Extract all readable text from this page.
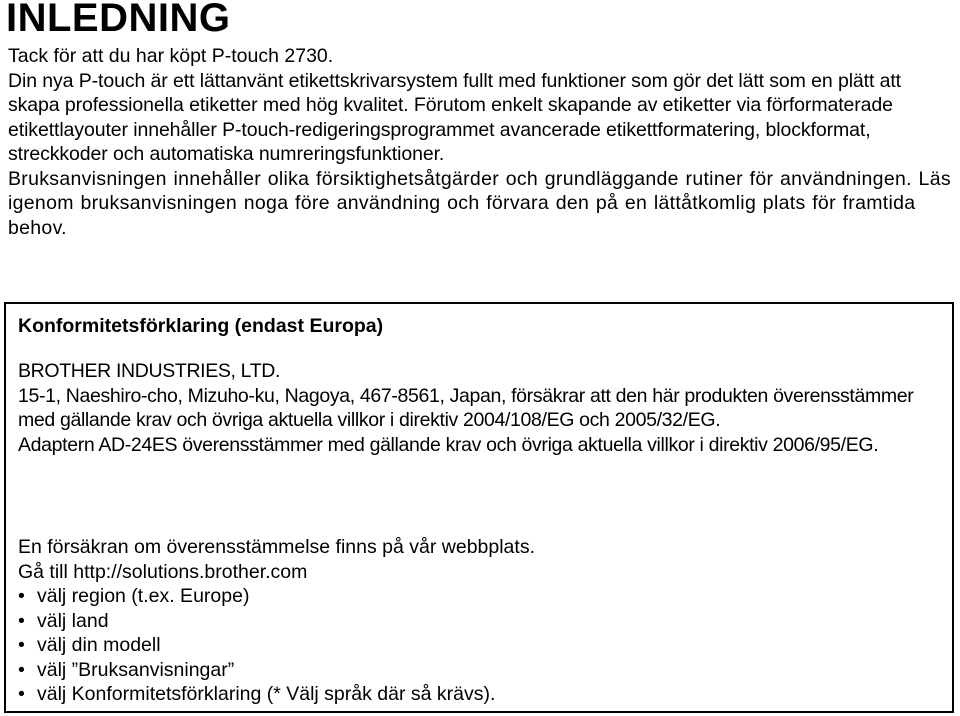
INLEDNING

Tack för att du har köpt P-touch 2730.

Din nya P-touch är ett lättanvänt etikettskrivarsystem fullt med funktioner som gör det lätt som en plätt att skapa professionella etiketter med hög kvalitet. Förutom enkelt skapande av etiketter via förformaterade etikettlayouter innehåller P-touch-redigeringsprogrammet avancerade etikettformatering, blockformat, streckkoder och automatiska numreringsfunktioner.

Bruksanvisningen innehåller olika försiktighetsåtgärder och grundläggande rutiner för användningen. Läs igenom bruksanvisningen noga före användning och förvara den på en lättåtkomlig plats för framtida behov.

Konformitetsförklaring (endast Europa)

BROTHER INDUSTRIES, LTD.

15-1, Naeshiro-cho, Mizuho-ku, Nagoya, 467-8561, Japan, försäkrar att den här produkten överensstämmer med gällande krav och övriga aktuella villkor i direktiv 2004/108/EG och 2005/32/EG.

Adaptern AD-24ES överensstämmer med gällande krav och övriga aktuella villkor i direktiv 2006/95/EG.

En försäkran om överensstämmelse finns på vår webbplats.

Gå till http://solutions.brother.com

• välj region (t.ex. Europe)
• välj land
• välj din modell
• välj ”Bruksanvisningar”
• välj Konformitetsförklaring (* Välj språk där så krävs).
